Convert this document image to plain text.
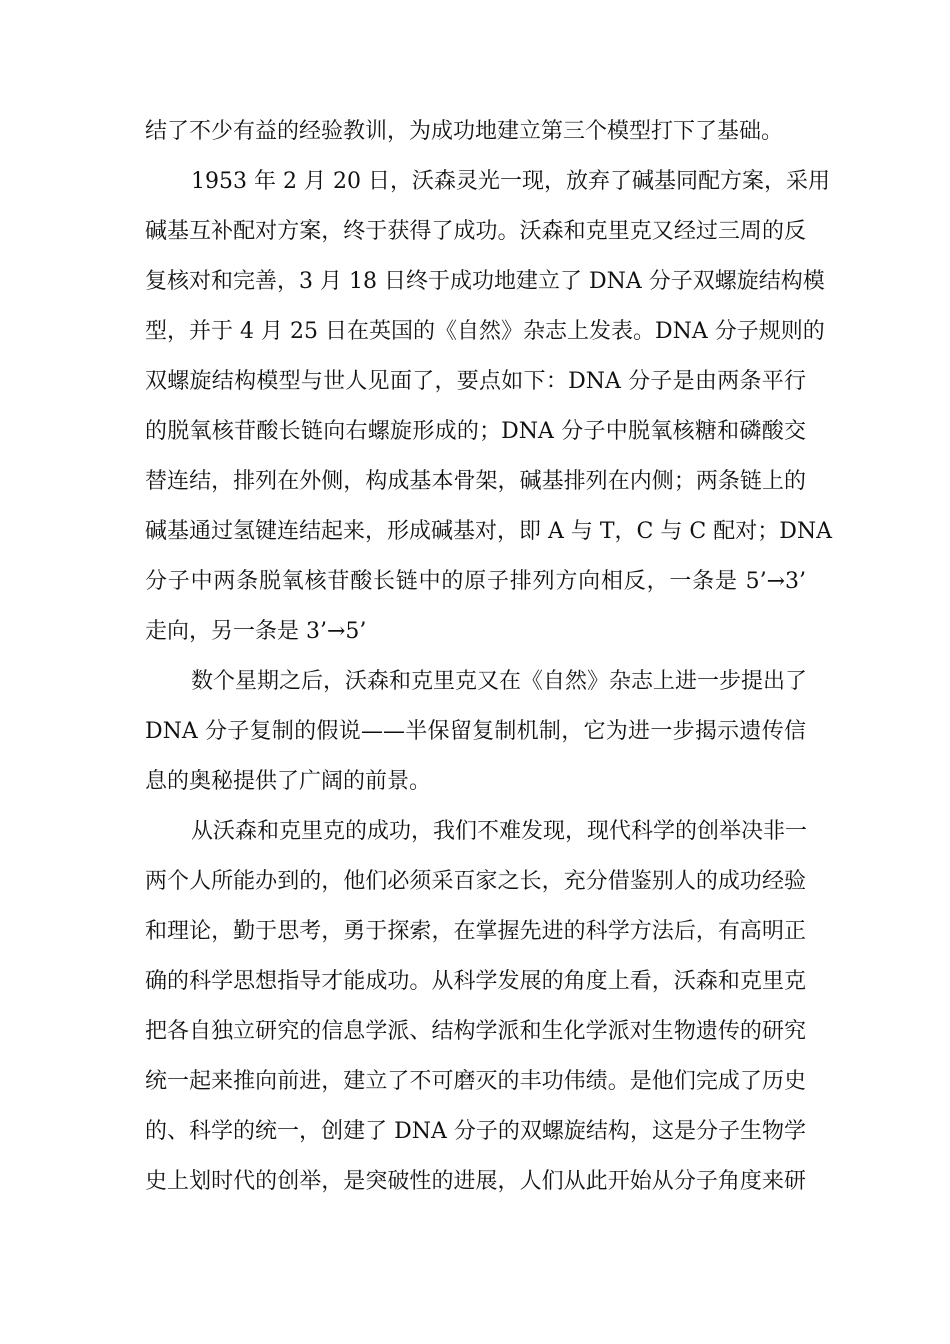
结了不少有益的经验教训，为成功地建立第三个模型打下了基础。
1953 年 2 月 20 日，沃森灵光一现，放弃了碱基同配方案，采用
碱基互补配对方案，终于获得了成功。沃森和克里克又经过三周的反
复核对和完善，3 月 18 日终于成功地建立了 DNA 分子双螺旋结构模
型，并于 4 月 25 日在英国的《自然》杂志上发表。DNA 分子规则的
双螺旋结构模型与世人见面了，要点如下：DNA 分子是由两条平行
的脱氧核苷酸长链向右螺旋形成的；DNA 分子中脱氧核糖和磷酸交
替连结，排列在外侧，构成基本骨架，碱基排列在内侧；两条链上的
碱基通过氢键连结起来，形成碱基对，即 A 与 T，C 与 C 配对；DNA
分子中两条脱氧核苷酸长链中的原子排列方向相反，一条是 5’→3’
走向，另一条是 3’→5’
数个星期之后，沃森和克里克又在《自然》杂志上进一步提出了
DNA 分子复制的假说——半保留复制机制，它为进一步揭示遗传信
息的奥秘提供了广阔的前景。
从沃森和克里克的成功，我们不难发现，现代科学的创举决非一
两个人所能办到的，他们必须采百家之长，充分借鉴别人的成功经验
和理论，勤于思考，勇于探索，在掌握先进的科学方法后，有高明正
确的科学思想指导才能成功。从科学发展的角度上看，沃森和克里克
把各自独立研究的信息学派、结构学派和生化学派对生物遗传的研究
统一起来推向前进，建立了不可磨灭的丰功伟绩。是他们完成了历史
的、科学的统一，创建了 DNA 分子的双螺旋结构，这是分子生物学
史上划时代的创举，是突破性的进展，人们从此开始从分子角度来研
